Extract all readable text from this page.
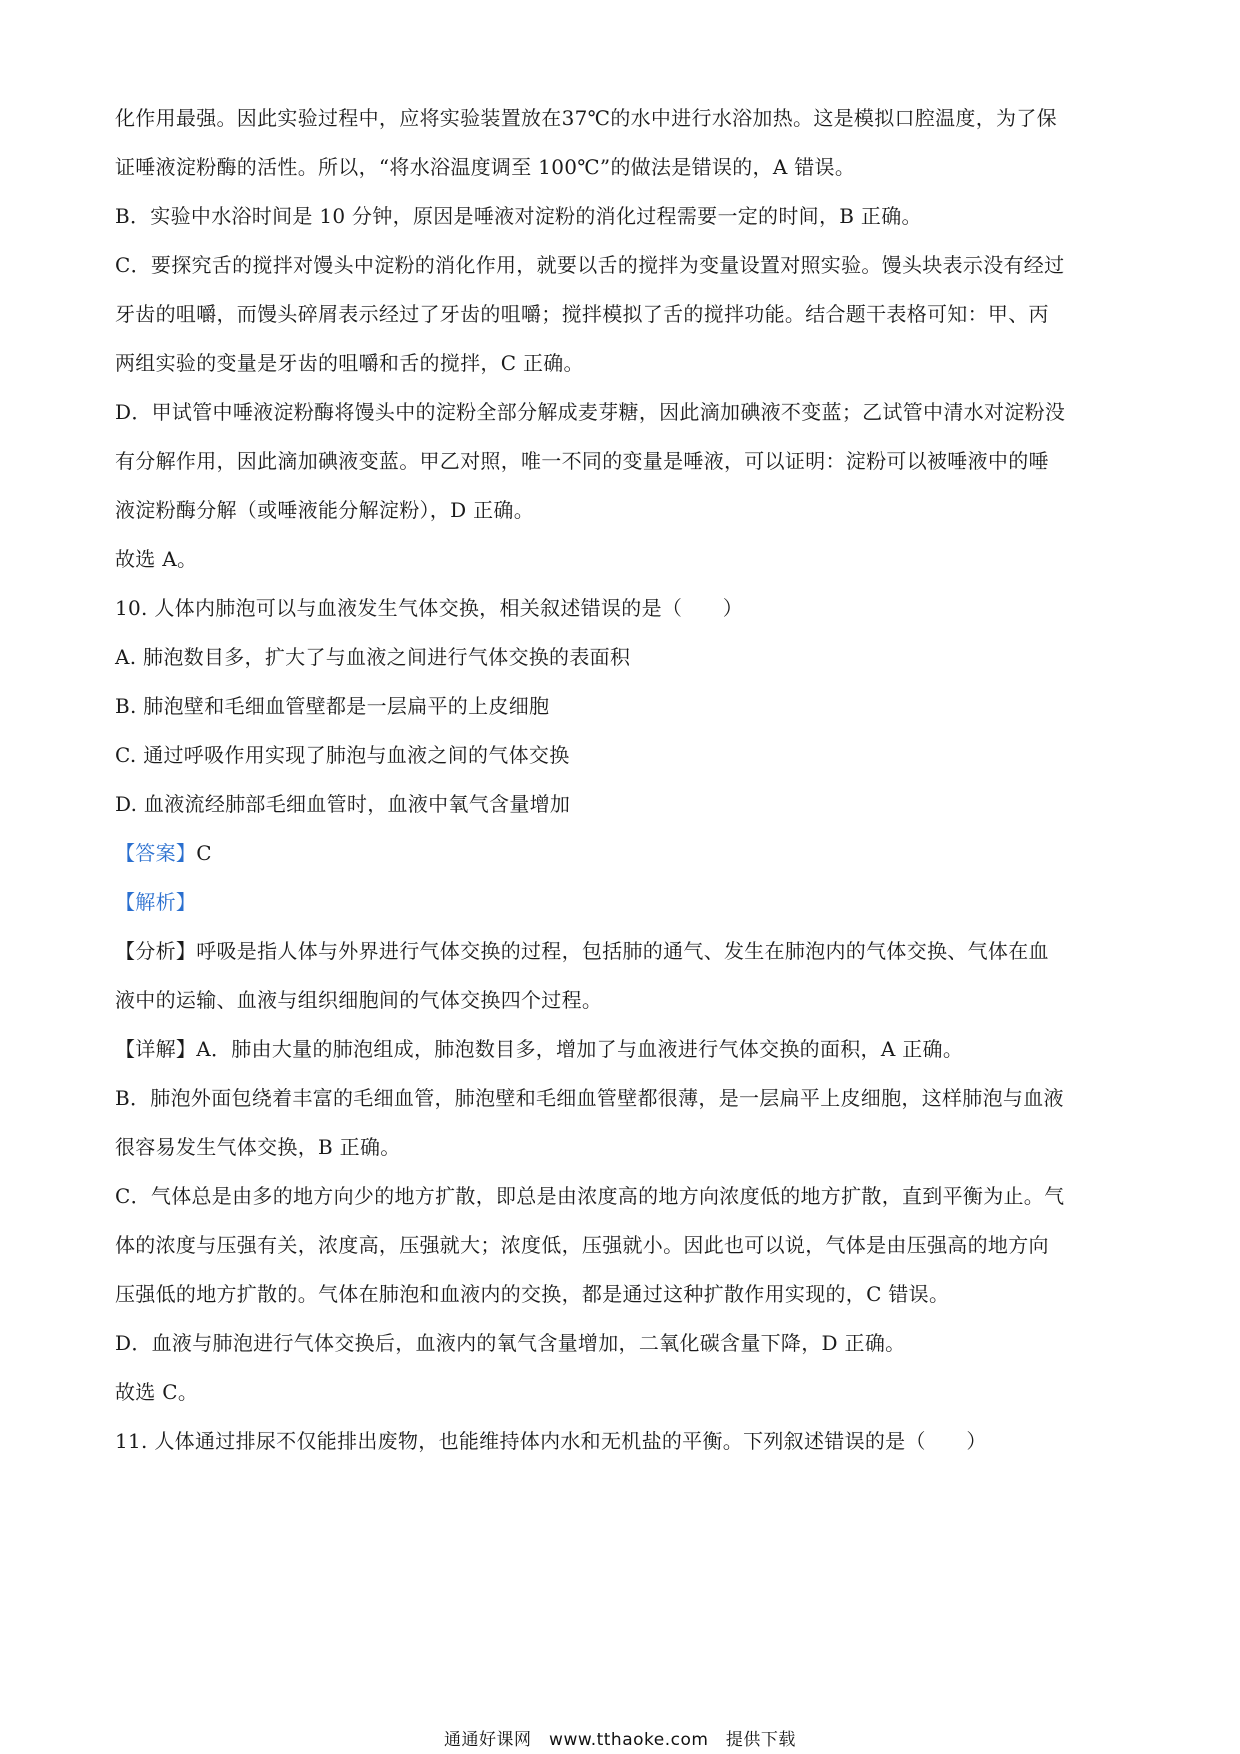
化作用最强。因此实验过程中，应将实验装置放在37℃的水中进行水浴加热。这是模拟口腔温度，为了保
证唾液淀粉酶的活性。所以，“将水浴温度调至 100℃”的做法是错误的，A 错误。
B．实验中水浴时间是 10 分钟，原因是唾液对淀粉的消化过程需要一定的时间，B 正确。
C．要探究舌的搅拌对馒头中淀粉的消化作用，就要以舌的搅拌为变量设置对照实验。馒头块表示没有经过
牙齿的咀嚼，而馒头碎屑表示经过了牙齿的咀嚼；搅拌模拟了舌的搅拌功能。结合题干表格可知：甲、丙
两组实验的变量是牙齿的咀嚼和舌的搅拌，C 正确。
D．甲试管中唾液淀粉酶将馒头中的淀粉全部分解成麦芽糖，因此滴加碘液不变蓝；乙试管中清水对淀粉没
有分解作用，因此滴加碘液变蓝。甲乙对照，唯一不同的变量是唾液，可以证明：淀粉可以被唾液中的唾
液淀粉酶分解（或唾液能分解淀粉），D 正确。
故选 A。
10. 人体内肺泡可以与血液发生气体交换，相关叙述错误的是（　　）
A. 肺泡数目多，扩大了与血液之间进行气体交换的表面积
B. 肺泡壁和毛细血管壁都是一层扁平的上皮细胞
C. 通过呼吸作用实现了肺泡与血液之间的气体交换
D. 血液流经肺部毛细血管时，血液中氧气含量增加
【答案】C
【解析】
【分析】呼吸是指人体与外界进行气体交换的过程，包括肺的通气、发生在肺泡内的气体交换、气体在血
液中的运输、血液与组织细胞间的气体交换四个过程。
【详解】A．肺由大量的肺泡组成，肺泡数目多，增加了与血液进行气体交换的面积，A 正确。
B．肺泡外面包绕着丰富的毛细血管，肺泡壁和毛细血管壁都很薄，是一层扁平上皮细胞，这样肺泡与血液
很容易发生气体交换，B 正确。
C．气体总是由多的地方向少的地方扩散，即总是由浓度高的地方向浓度低的地方扩散，直到平衡为止。气
体的浓度与压强有关，浓度高，压强就大；浓度低，压强就小。因此也可以说，气体是由压强高的地方向
压强低的地方扩散的。气体在肺泡和血液内的交换，都是通过这种扩散作用实现的，C 错误。
D．血液与肺泡进行气体交换后，血液内的氧气含量增加，二氧化碳含量下降，D 正确。
故选 C。
11. 人体通过排尿不仅能排出废物，也能维持体内水和无机盐的平衡。下列叙述错误的是（　　）
通通好课网　www.tthaoke.com　提供下载
